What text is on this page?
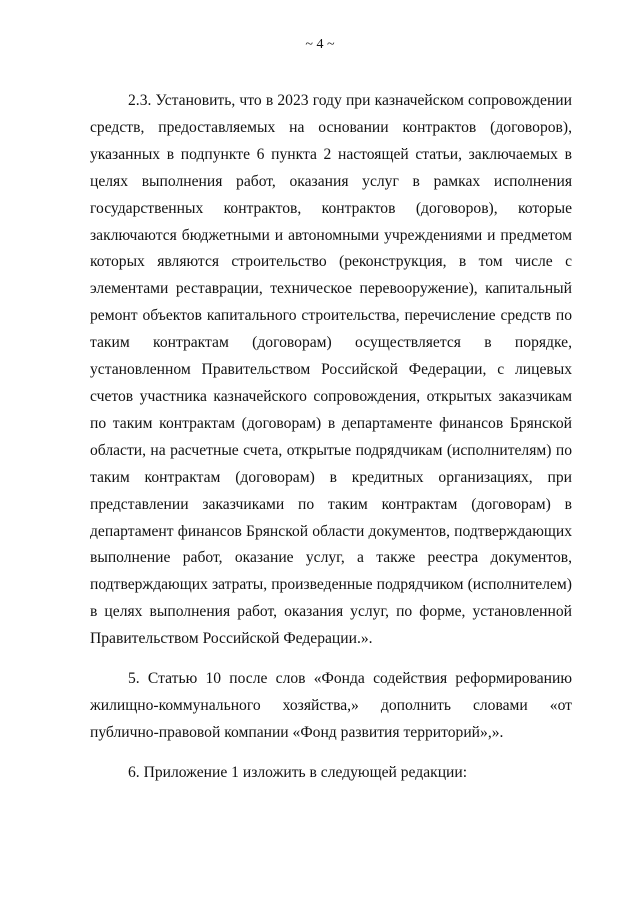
~ 4 ~

2.3. Установить, что в 2023 году при казначейском сопровождении средств, предоставляемых на основании контрактов (договоров), указанных в подпункте 6 пункта 2 настоящей статьи, заключаемых в целях выполнения работ, оказания услуг в рамках исполнения государственных контрактов, контрактов (договоров), которые заключаются бюджетными и автономными учреждениями и предметом которых являются строительство (реконструкция, в том числе с элементами реставрации, техническое перевооружение), капитальный ремонт объектов капитального строительства, перечисление средств по таким контрактам (договорам) осуществляется в порядке, установленном Правительством Российской Федерации, с лицевых счетов участника казначейского сопровождения, открытых заказчикам по таким контрактам (договорам) в департаменте финансов Брянской области, на расчетные счета, открытые подрядчикам (исполнителям) по таким контрактам (договорам) в кредитных организациях, при представлении заказчиками по таким контрактам (договорам) в департамент финансов Брянской области документов, подтверждающих выполнение работ, оказание услуг, а также реестра документов, подтверждающих затраты, произведенные подрядчиком (исполнителем) в целях выполнения работ, оказания услуг, по форме, установленной Правительством Российской Федерации.».

5. Статью 10 после слов «Фонда содействия реформированию жилищно-коммунального хозяйства,» дополнить словами «от публично-правовой компании «Фонд развития территорий»,».

6. Приложение 1 изложить в следующей редакции:
